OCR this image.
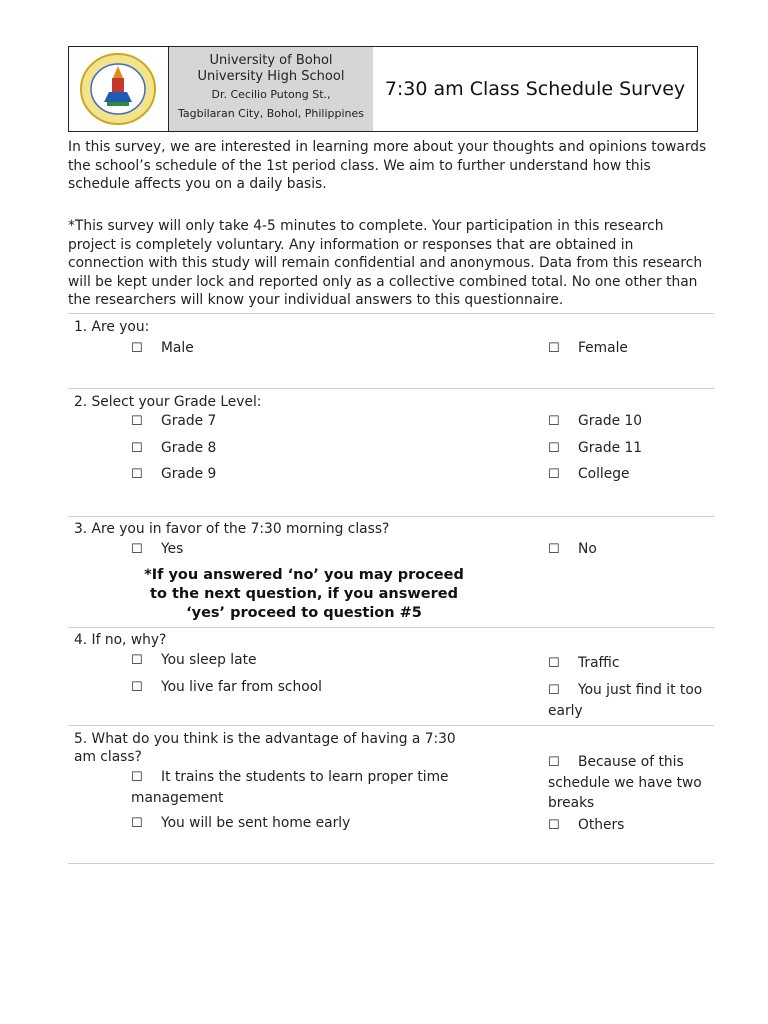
University of Bohol
University High School
Dr. Cecilio Putong St.,
Tagbilaran City, Bohol, Philippines
7:30 am Class Schedule Survey
In this survey, we are interested in learning more about your thoughts and opinions towards the school’s schedule of the 1st period class. We aim to further understand how this schedule affects you on a daily basis.
*This survey will only take 4-5 minutes to complete. Your participation in this research project is completely voluntary. Any information or responses that are obtained in connection with this study will remain confidential and anonymous. Data from this research will be kept under lock and reported only as a collective combined total. No one other than the researchers will know your individual answers to this questionnaire.
1. Are you:
☐ Male	☐ Female
2. Select your Grade Level:
☐ Grade 7
☐ Grade 8
☐ Grade 9
☐ Grade 10
☐ Grade 11
☐ College
3. Are you in favor of the 7:30 morning class?
☐ Yes	☐ No
*If you answered ‘no’ you may proceed to the next question, if you answered ‘yes’ proceed to question #5
4. If no, why?
☐ You sleep late
☐ You live far from school
☐ Traffic
☐ You just find it too early
5. What do you think is the advantage of having a 7:30 am class?
☐ It trains the students to learn proper time management
☐ You will be sent home early
☐ Because of this schedule we have two breaks
☐ Others
